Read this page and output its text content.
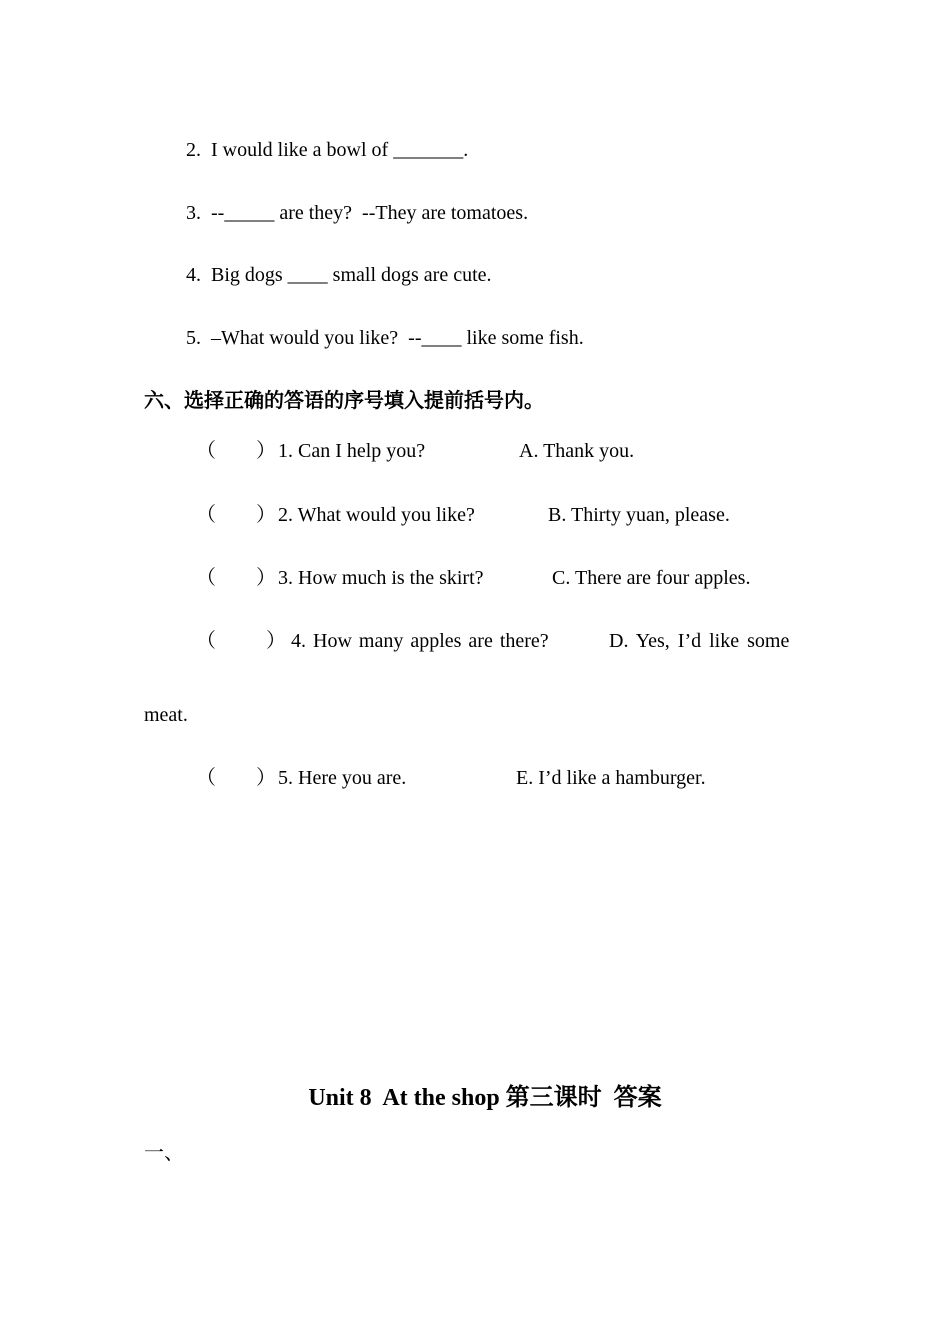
2.  I would like a bowl of _______.
3.  --_____ are they?  --They are tomatoes.
4.  Big dogs ____ small dogs are cute.
5.  –What would you like?  --____ like some fish.
六、选择正确的答语的序号填入提前括号内。
（        ） 1. Can I help you?	A. Thank you.
（        ） 2. What would you like?	B. Thirty yuan, please.
（        ） 3. How much is the skirt?	C. There are four apples.
（          ） 4. How many apples are there?	D. Yes, I’d like some
meat.
（        ） 5. Here you are.	E. I’d like a hamburger.
Unit 8  At the shop 第三课时  答案
一、
